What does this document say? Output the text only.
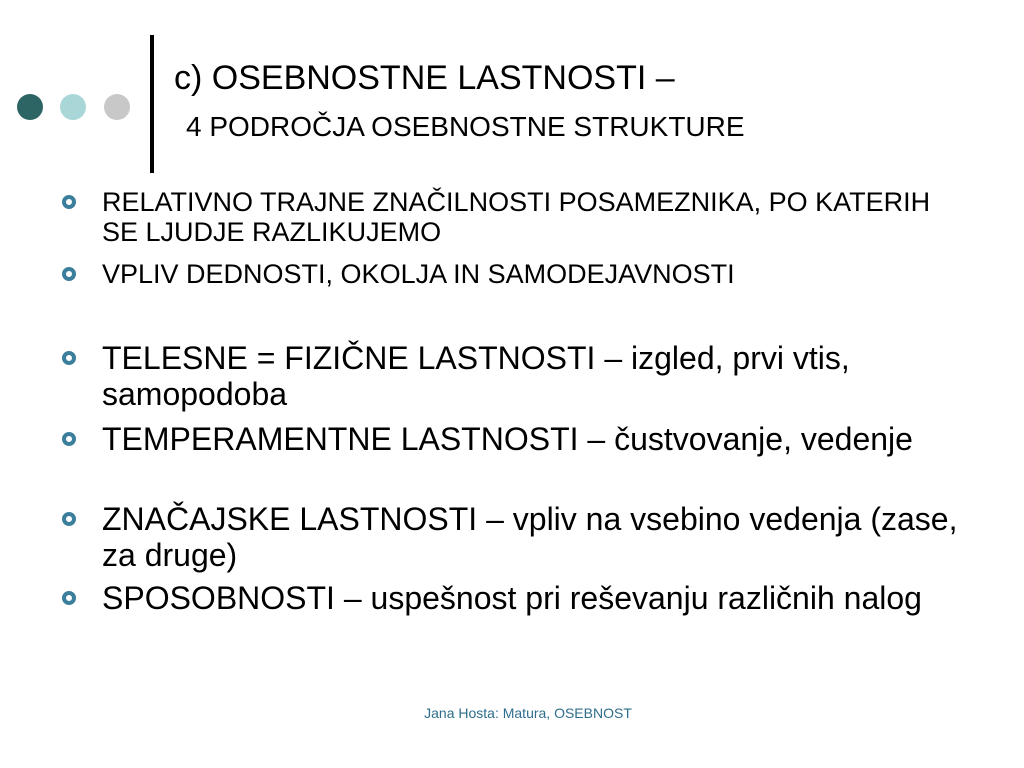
c) OSEBNOSTNE LASTNOSTI –
4 PODROČJA OSEBNOSTNE STRUKTURE
RELATIVNO TRAJNE ZNAČILNOSTI POSAMEZNIKA, PO KATERIH SE LJUDJE RAZLIKUJEMO
VPLIV DEDNOSTI, OKOLJA IN SAMODEJAVNOSTI
TELESNE = FIZIČNE LASTNOSTI – izgled, prvi vtis, samopodoba
TEMPERAMENTNE LASTNOSTI – čustvovanje, vedenje
ZNAČAJSKE LASTNOSTI – vpliv na vsebino vedenja (zase, za druge)
SPOSOBNOSTI – uspešnost pri reševanju različnih nalog
Jana Hosta: Matura, OSEBNOST
